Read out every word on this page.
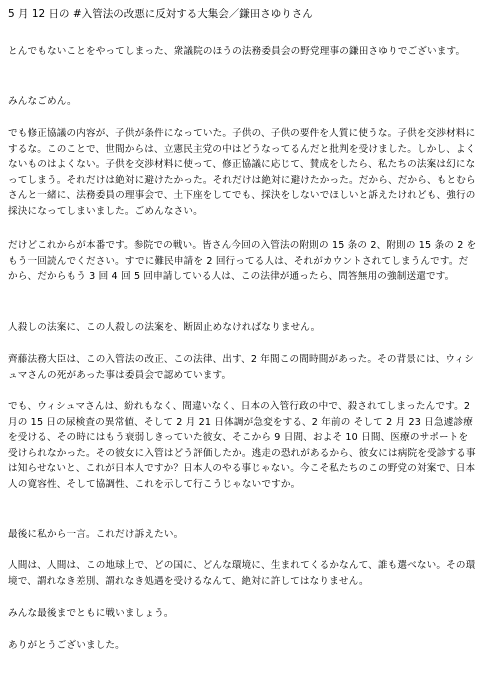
5 月 12 日の #入管法の改悪に反対する大集会／鎌田さゆりさん
とんでもないことをやってしまった、衆議院のほうの法務委員会の野党理事の鎌田さゆりでございます。
みんなごめん。
でも修正協議の内容が、子供が条件になっていた。子供の、子供の要件を人質に使うな。子供を交渉材料にするな。このことで、世間からは、立憲民主党の中はどうなってるんだと批判を受けました。しかし、よくないものはよくない。子供を交渉材料に使って、修正協議に応じて、賛成をしたら、私たちの法案は幻になってしまう。それだけは絶対に避けたかった。それだけは絶対に避けたかった。だから、だから、もとむらさんと一緒に、法務委員の理事会で、土下座をしてでも、採決をしないでほしいと訴えたけれども、強行の採決になってしまいました。ごめんなさい。
だけどこれからが本番です。参院での戦い。皆さん今回の入管法の附則の 15 条の 2、附則の 15 条の 2 をもう一回読んでください。すでに難民申請を 2 回行ってる人は、それがカウントされてしまうんです。だから、だからもう 3 回 4 回 5 回申請している人は、この法律が通ったら、問答無用の強制送還です。
人殺しの法案に、この人殺しの法案を、断固止めなければなりません。
齊藤法務大臣は、この入管法の改正、この法律、出す、2 年間この間時間があった。その背景には、ウィシュマさんの死があった事は委員会で認めています。
でも、ウィシュマさんは、紛れもなく、間違いなく、日本の入管行政の中で、殺されてしまったんです。2 月の 15 日の尿検査の異常値、そして 2 月 21 日体調が急変をする、2 年前の そして 2 月 23 日急遽診療を受ける、その時にはもう衰弱しきっていた彼女、そこから 9 日間、およそ 10 日間、医療のサポートを受けられなかった。その彼女に入管はどう評価したか。逃走の恐れがあるから、彼女には病院を受診する事は知らせないと、これが日本人ですか？日本人のやる事じゃない。今こそ私たちのこの野党の対案で、日本人の寛容性、そして協調性、これを示して行こうじゃないですか。
最後に私から一言。これだけ訴えたい。
人間は、人間は、この地球上で、どの国に、どんな環境に、生まれてくるかなんて、誰も選べない。その環境で、謂れなき差別、謂れなき処遇を受けるなんて、絶対に許してはなりません。
みんな最後までともに戦いましょう。
ありがとうございました。
